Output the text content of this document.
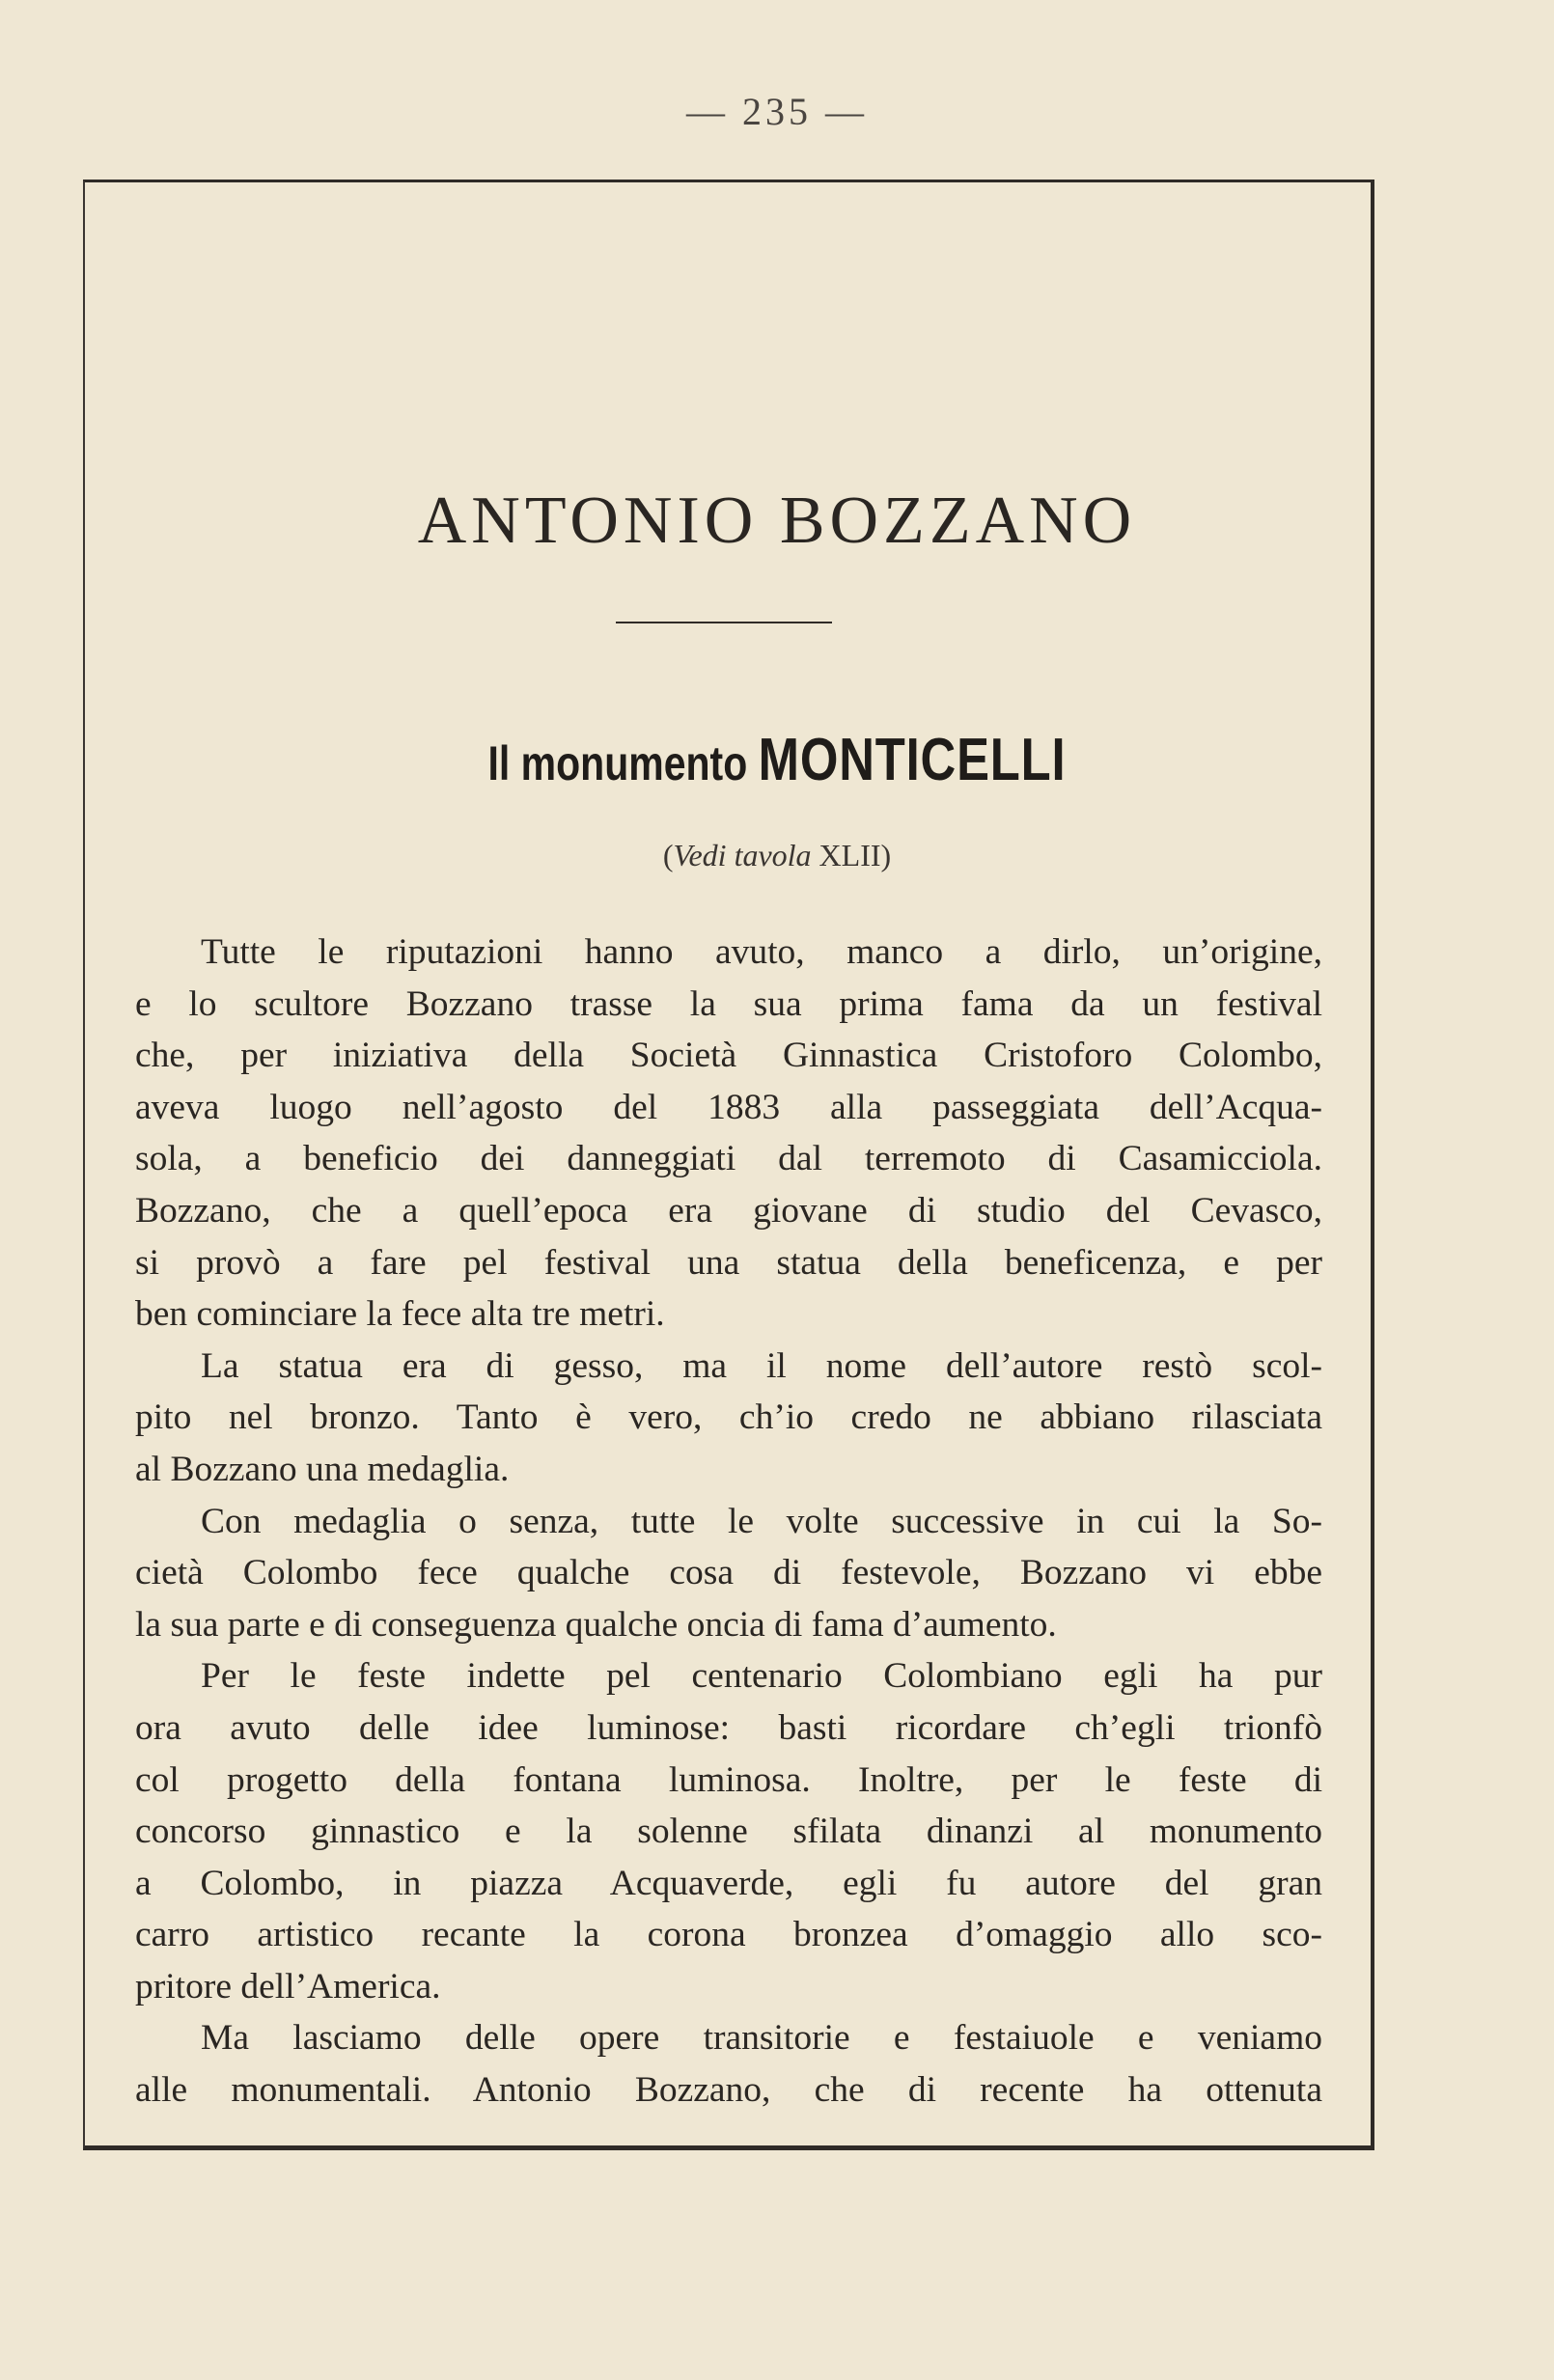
— 235 —
ANTONIO BOZZANO
Il monumento MONTICELLI
(Vedi tavola XLII)
Tutte le riputazioni hanno avuto, manco a dirlo, un’origine,
e lo scultore Bozzano trasse la sua prima fama da un festival
che, per iniziativa della Società Ginnastica Cristoforo Colombo,
aveva luogo nell’agosto del 1883 alla passeggiata dell’Acqua-
sola, a beneficio dei danneggiati dal terremoto di Casamicciola.
Bozzano, che a quell’epoca era giovane di studio del Cevasco,
si provò a fare pel festival una statua della beneficenza, e per
ben cominciare la fece alta tre metri.
La statua era di gesso, ma il nome dell’autore restò scol-
pito nel bronzo. Tanto è vero, ch’io credo ne abbiano rilasciata
al Bozzano una medaglia.
Con medaglia o senza, tutte le volte successive in cui la So-
cietà Colombo fece qualche cosa di festevole, Bozzano vi ebbe
la sua parte e di conseguenza qualche oncia di fama d’aumento.
Per le feste indette pel centenario Colombiano egli ha pur
ora avuto delle idee luminose: basti ricordare ch’egli trionfò
col progetto della fontana luminosa. Inoltre, per le feste di
concorso ginnastico e la solenne sfilata dinanzi al monumento
a Colombo, in piazza Acquaverde, egli fu autore del gran
carro artistico recante la corona bronzea d’omaggio allo sco-
pritore dell’America.
Ma lasciamo delle opere transitorie e festaiuole e veniamo
alle monumentali. Antonio Bozzano, che di recente ha ottenuta
